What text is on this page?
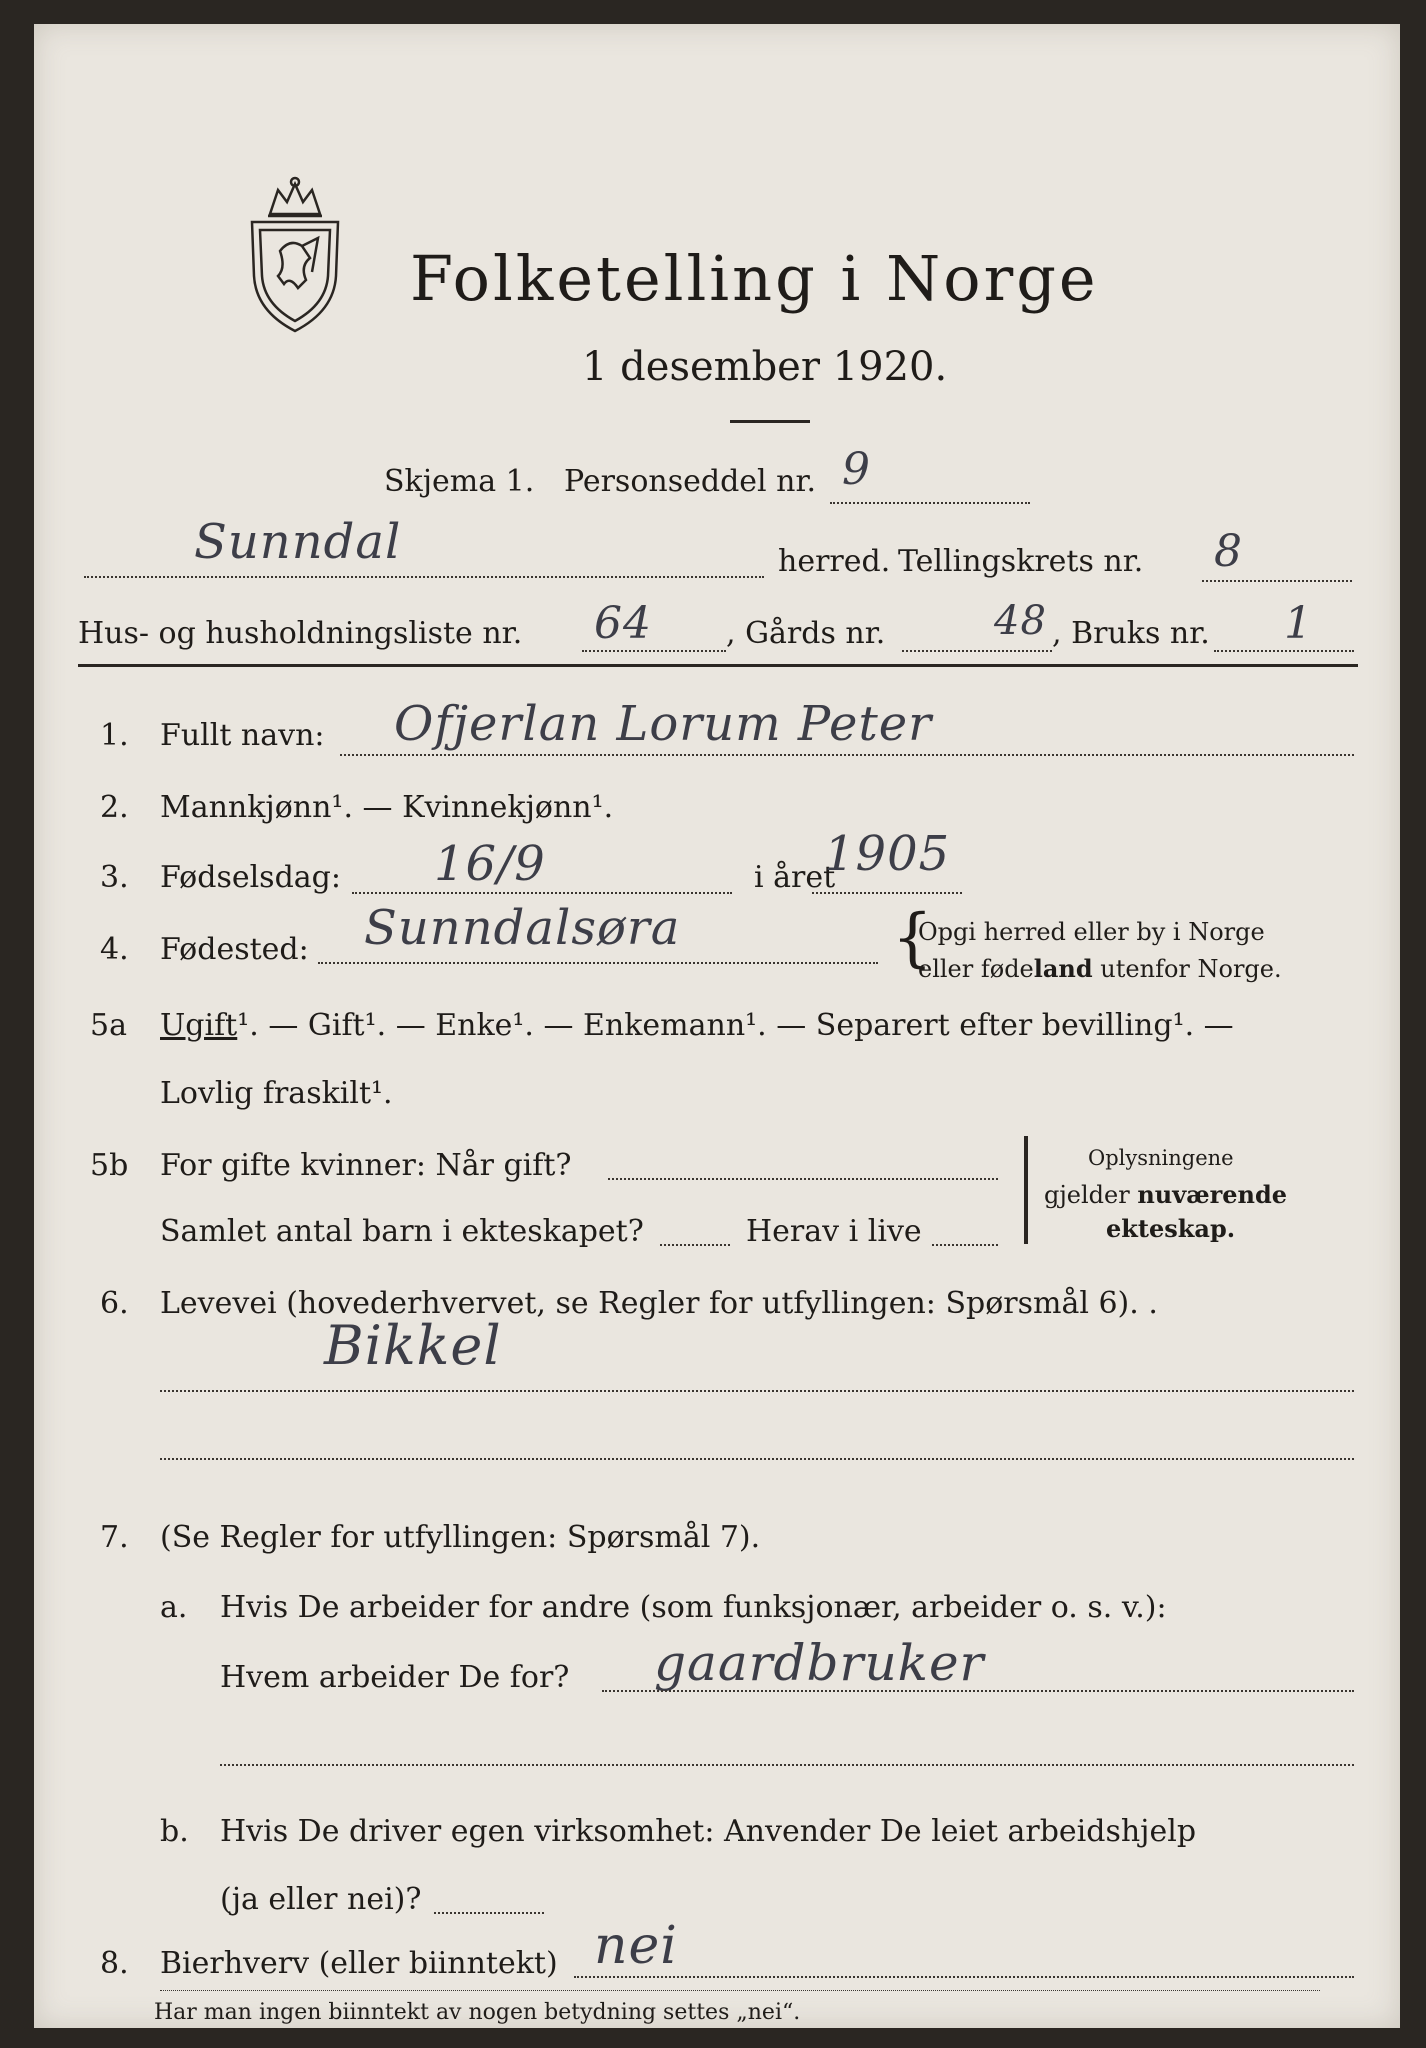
Folketelling i Norge
1 desember 1920.
Skjema 1. Personseddel nr. 9
Sunndal	herred. Tellingskrets nr. 8
Hus- og husholdningsliste nr. 64 , Gårds nr.	48 , Bruks nr. 1
1. Fullt navn: Ofjerlan Lorum Peter
2. Mannkjønn¹. — Kvinnekjønn¹.
3. Fødselsdag: 16/9	i året
1905
4. Fødested: Sunndalsøra	{
Opgi herred eller by i Norge
eller fødeland utenfor Norge.
5a Ugift¹. — Gift¹. — Enke¹. — Enkemann¹. — Separert efter bevilling¹. —
Lovlig fraskilt¹.
5b For gifte kvinner: Når gift?
Samlet antal barn i ekteskapet?	Herav i live
Oplysningene
gjelder nuværende
ekteskap.
6. Levevei (hovederhvervet, se Regler for utfyllingen: Spørsmål 6). .
Bikkel
7. (Se Regler for utfyllingen: Spørsmål 7).
a. Hvis De arbeider for andre (som funksjonær, arbeider o. s. v.):
Hvem arbeider De for? gaardbruker
b. Hvis De driver egen virksomhet: Anvender De leiet arbeidshjelp
(ja eller nei)?
8. Bierhverv (eller biinntekt) nei
Har man ingen biinntekt av nogen betydning settes „nei“.
